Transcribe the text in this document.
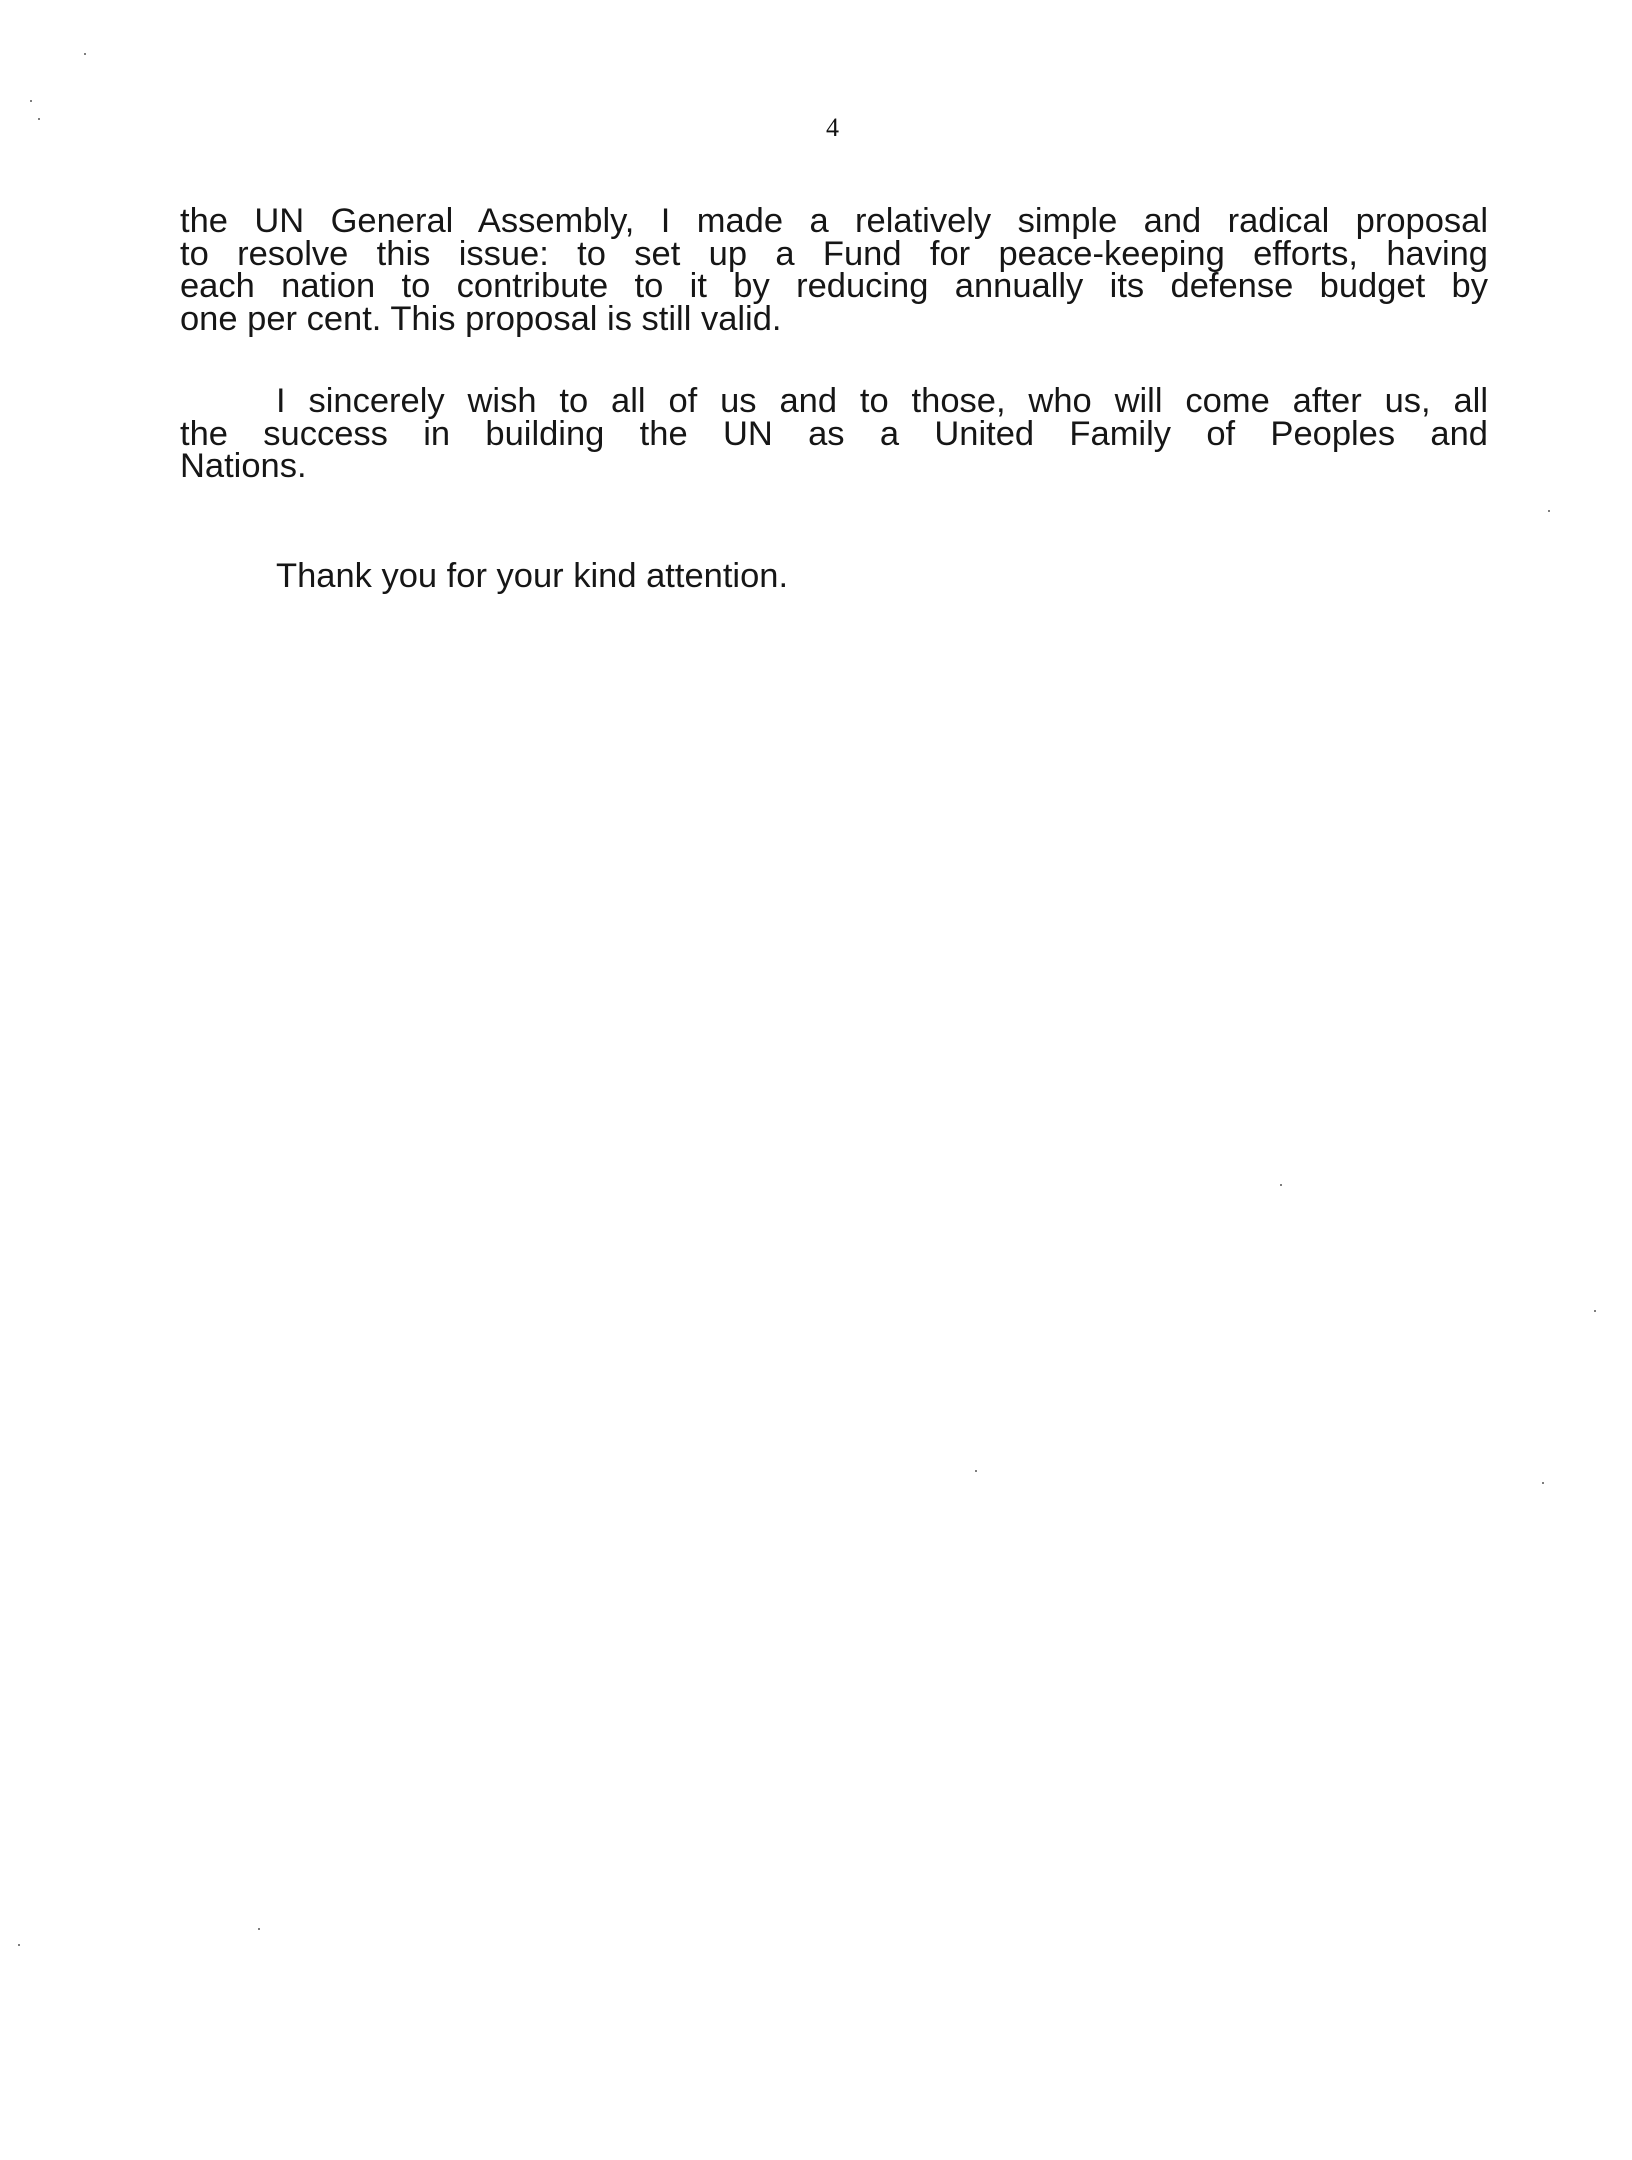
4
the UN General Assembly, I made a relatively simple and radical proposal
to resolve this issue: to set up a Fund for peace-keeping efforts, having
each nation to contribute to it by reducing annually its defense budget by
one per cent. This proposal is still valid.
I sincerely wish to all of us and to those, who will come after us, all
the success in building the UN as a United Family of Peoples and
Nations.
Thank you for your kind attention.
